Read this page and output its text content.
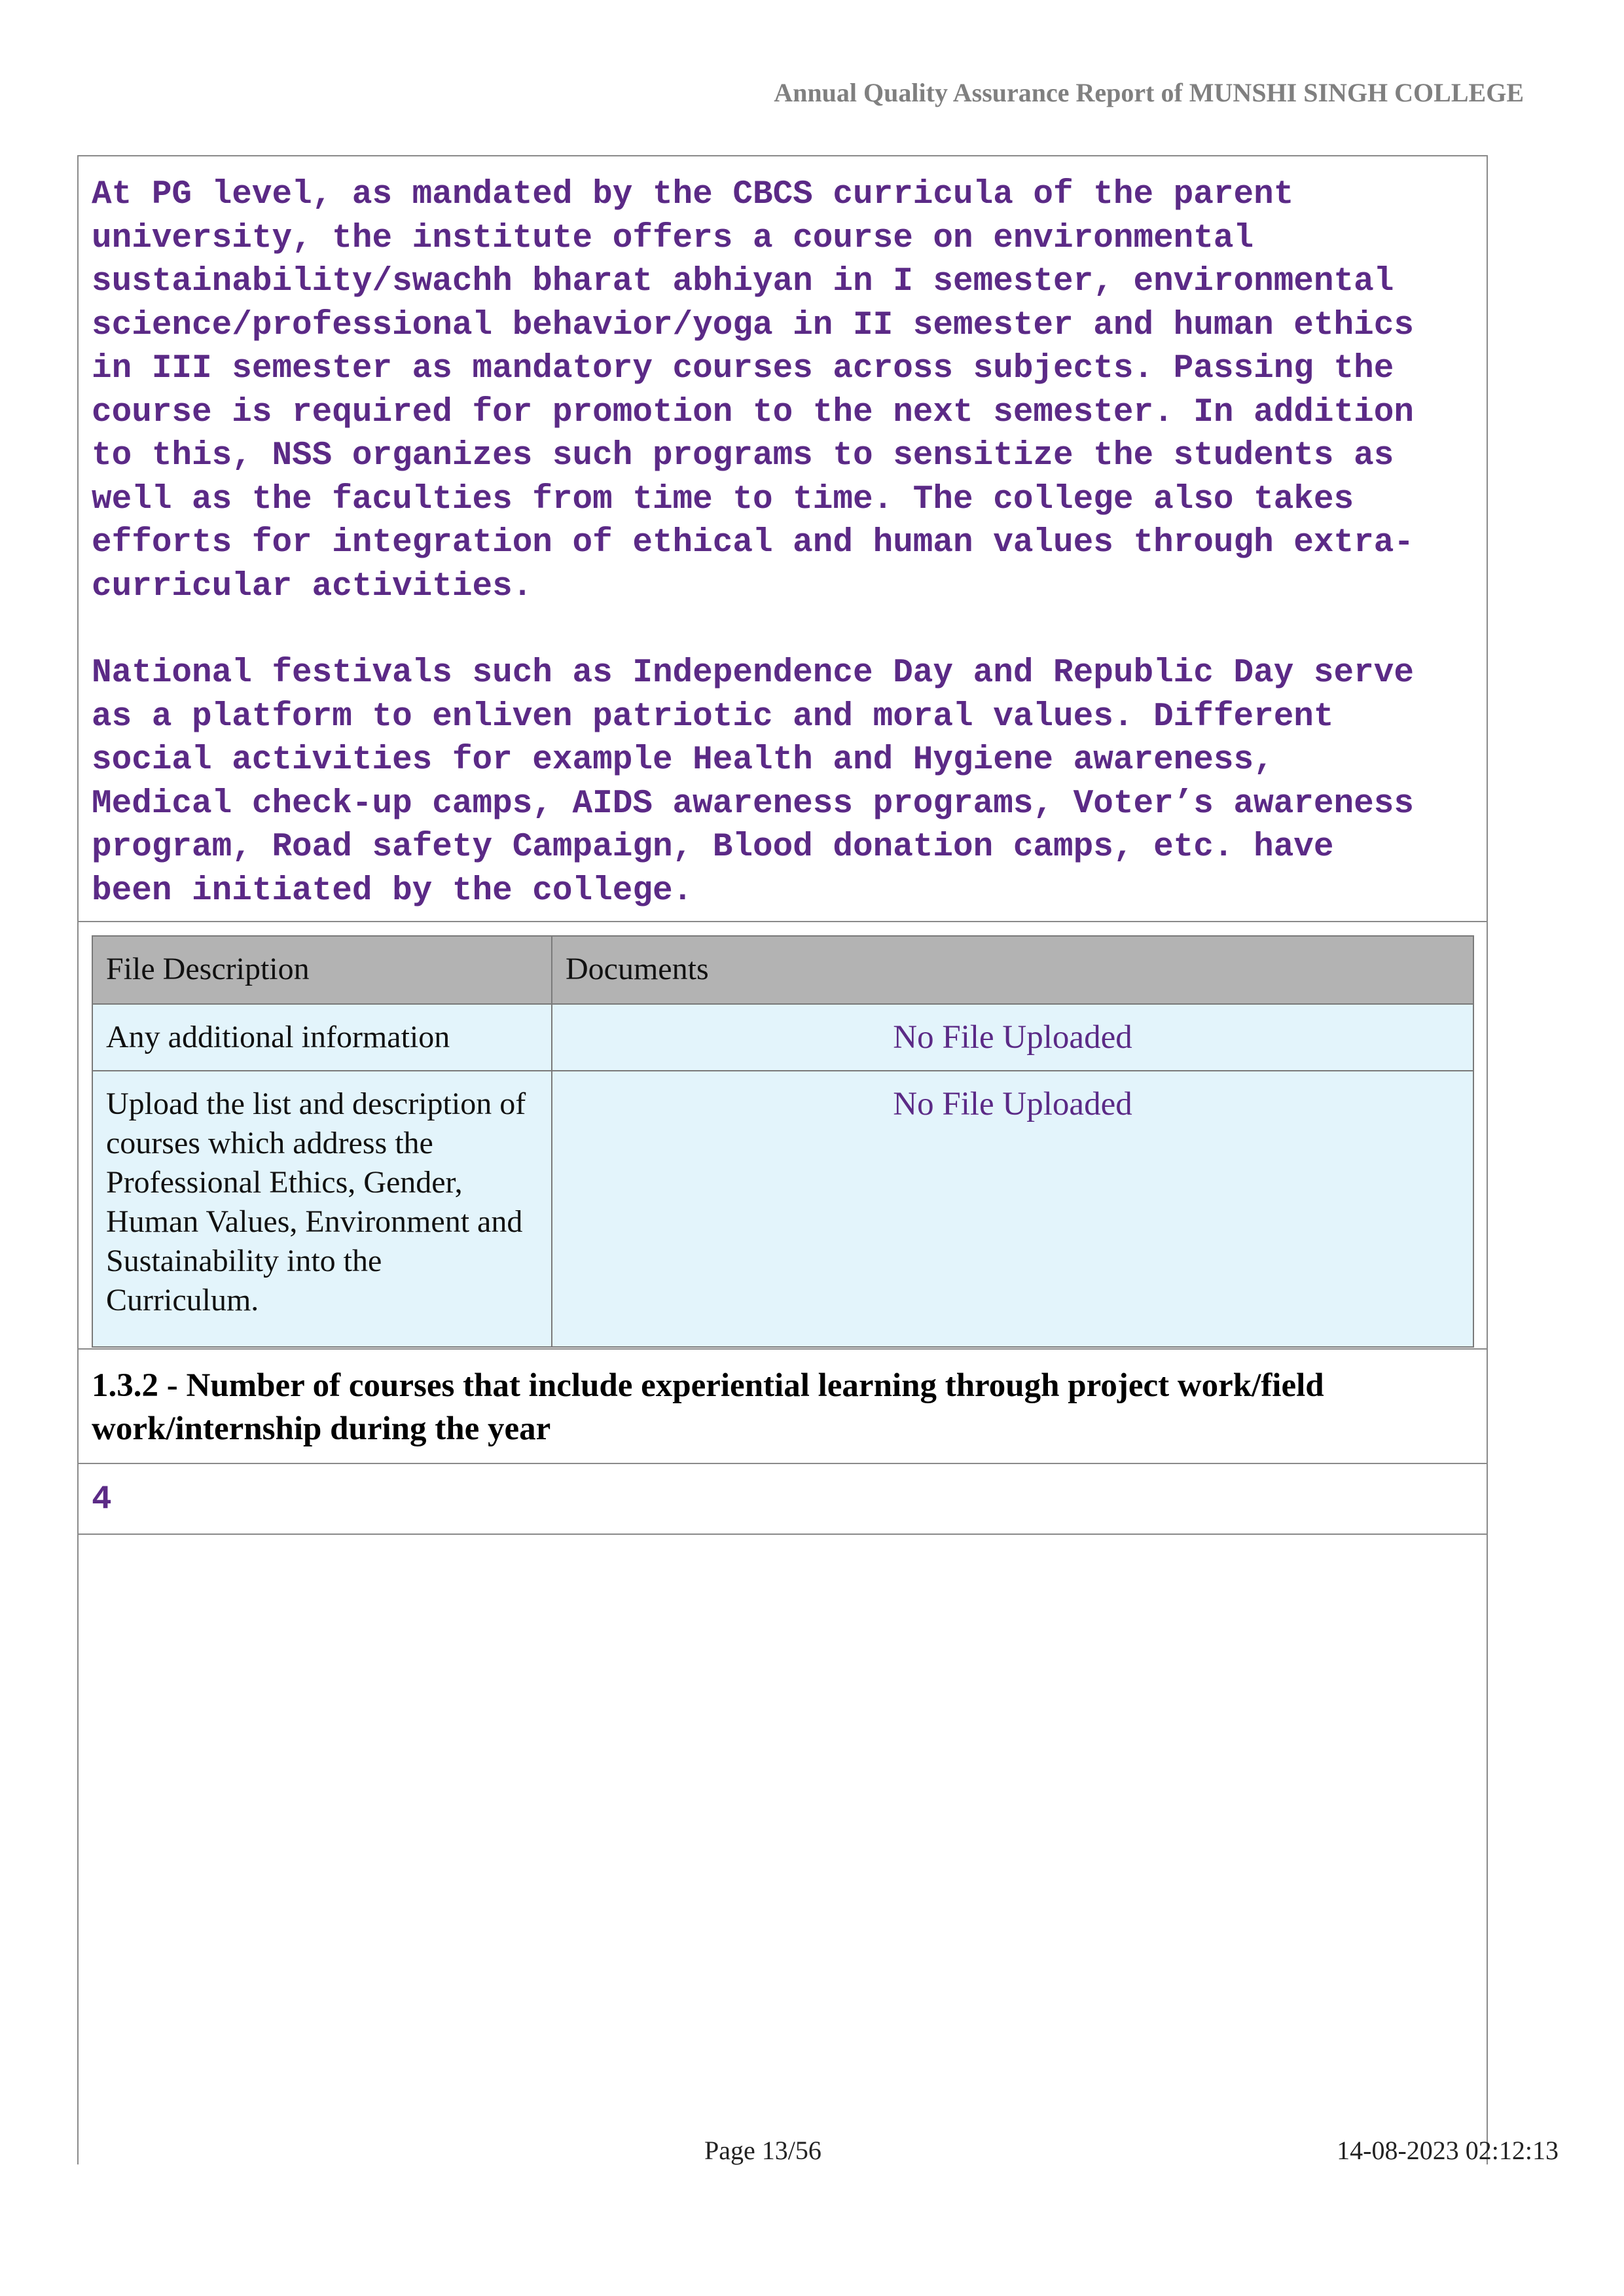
Annual Quality Assurance Report of MUNSHI SINGH COLLEGE

At PG level, as mandated by the CBCS curricula of the parent
university, the institute offers a course on environmental
sustainability/swachh bharat abhiyan in I semester, environmental
science/professional behavior/yoga in II semester and human ethics
in III semester as mandatory courses across subjects. Passing the
course is required for promotion to the next semester. In addition
to this, NSS organizes such programs to sensitize the students as
well as the faculties from time to time. The college also takes
efforts for integration of ethical and human values through extra-
curricular activities.

National festivals such as Independence Day and Republic Day serve
as a platform to enliven patriotic and moral values. Different
social activities for example Health and Hygiene awareness,
Medical check-up camps, AIDS awareness programs, Voter’s awareness
program, Road safety Campaign, Blood donation camps, etc. have
been initiated by the college.

File Description	Documents
Any additional information	No File Uploaded
Upload the list and description of courses which address the Professional Ethics, Gender, Human Values, Environment and Sustainability into the Curriculum.	No File Uploaded

1.3.2 - Number of courses that include experiential learning through project work/field work/internship during the year

4

Page 13/56	14-08-2023 02:12:13
